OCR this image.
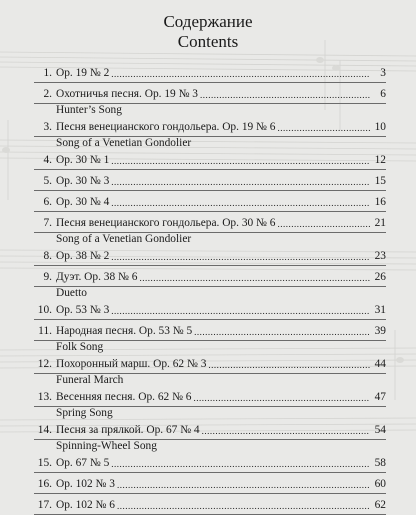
Содержание
Contents
1. Op. 19 № 2 .....	3
2. Охотничья песня. Op. 19 № 3 .....	6
Hunter’s Song
3. Песня венецианского гондольера. Op. 19 № 6 .....	10
Song of a Venetian Gondolier
4. Op. 30 № 1 .....	12
5. Op. 30 № 3 .....	15
6. Op. 30 № 4 .....	16
7. Песня венецианского гондольера. Op. 30 № 6 .....	21
Song of a Venetian Gondolier
8. Op. 38 № 2 .....	23
9. Дуэт. Op. 38 № 6 .....	26
Duetto
10. Op. 53 № 3 .....	31
11. Народная песня. Op. 53 № 5 .....	39
Folk Song
12. Похоронный марш. Op. 62 № 3 .....	44
Funeral March
13. Весенняя песня. Op. 62 № 6 .....	47
Spring Song
14. Песня за прялкой. Op. 67 № 4 .....	54
Spinning-Wheel Song
15. Op. 67 № 5 .....	58
16. Op. 102 № 3 .....	60
17. Op. 102 № 6 .....	62
